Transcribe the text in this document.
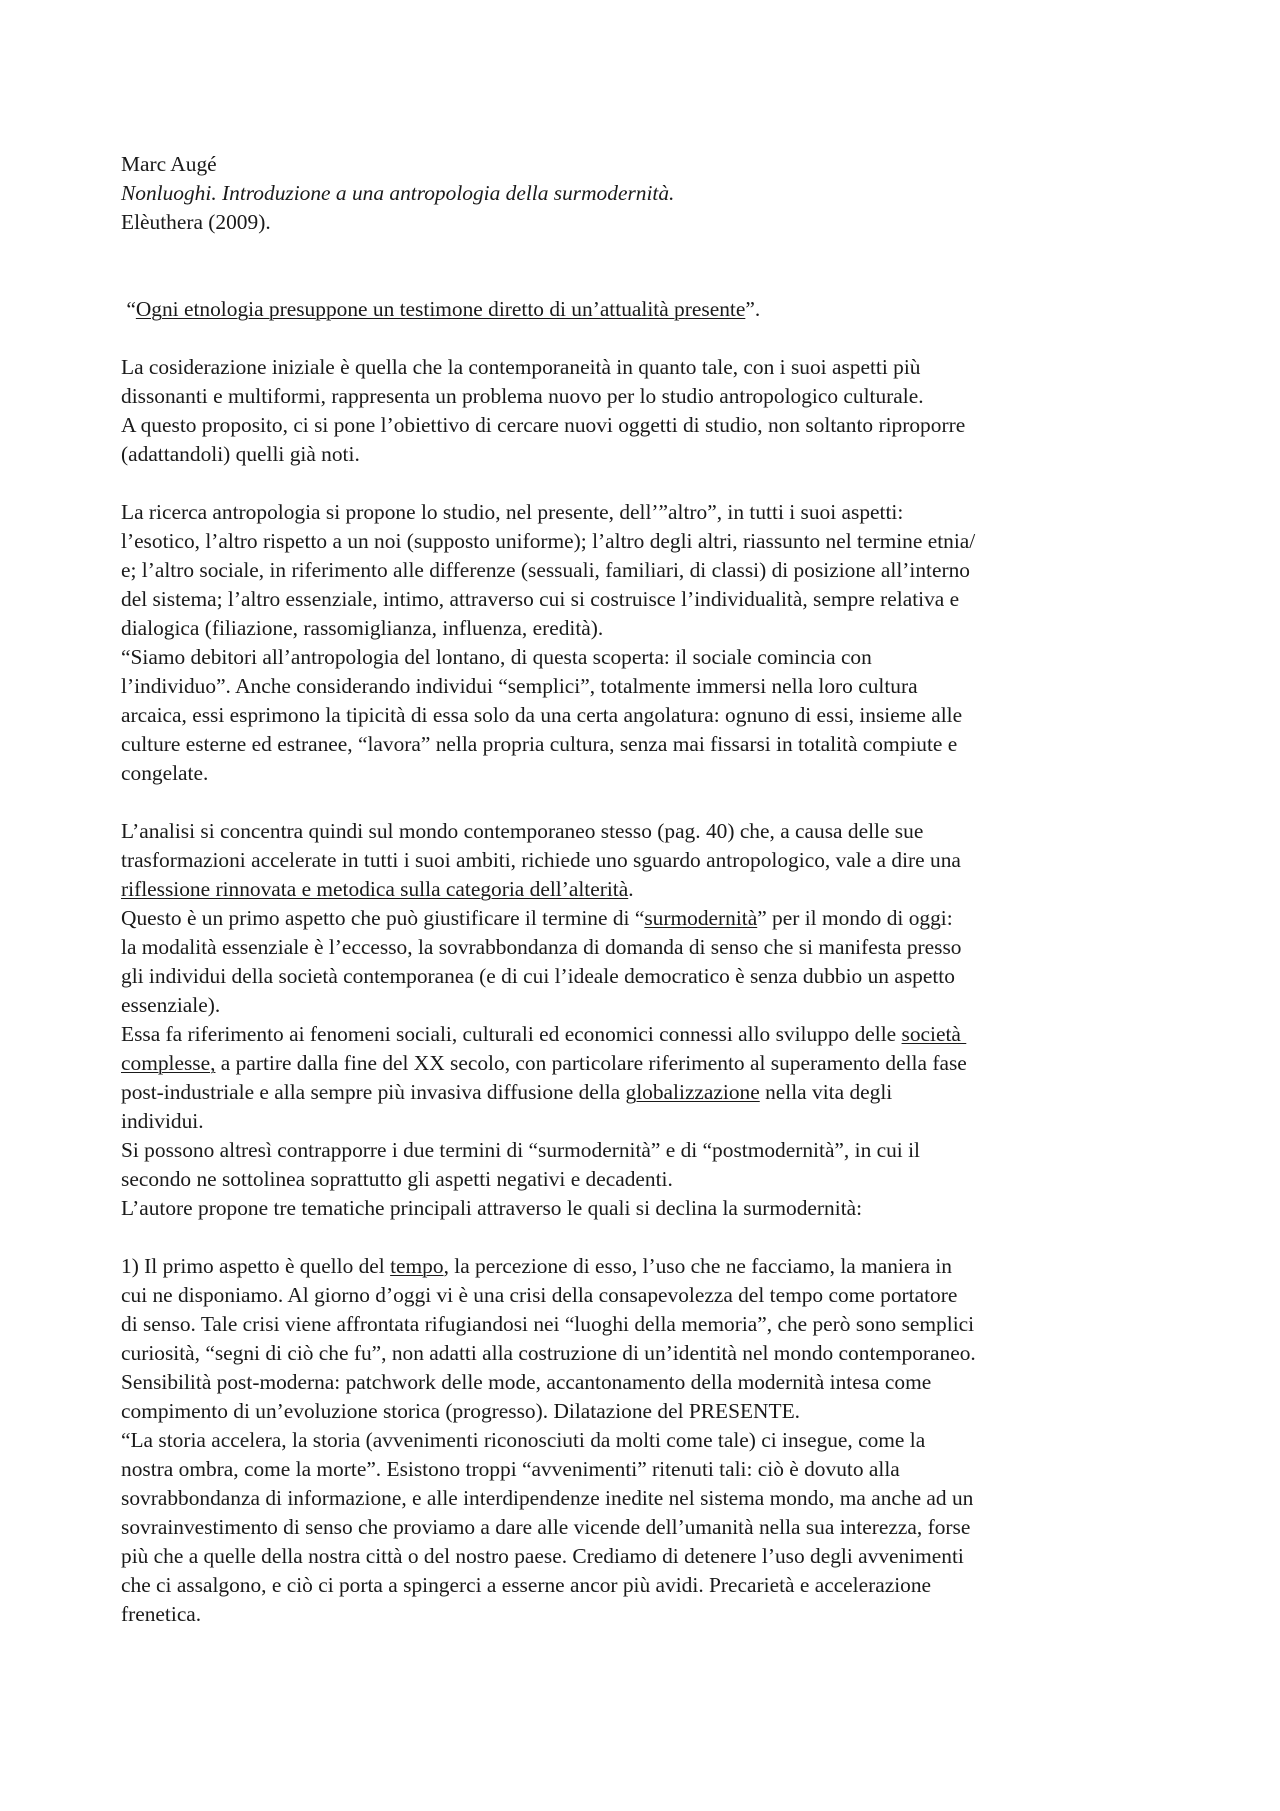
Marc Augé
Nonluoghi. Introduzione a una antropologia della surmodernità.
Elèuthera (2009).
“Ogni etnologia presuppone un testimone diretto di un’attualità presente”.
La cosiderazione iniziale è quella che la contemporaneità in quanto tale, con i suoi aspetti più
dissonanti e multiformi, rappresenta un problema nuovo per lo studio antropologico culturale.
A questo proposito, ci si pone l’obiettivo di cercare nuovi oggetti di studio, non soltanto riproporre
(adattandoli) quelli già noti.
La ricerca antropologia si propone lo studio, nel presente, dell’”altro”, in tutti i suoi aspetti:
l’esotico, l’altro rispetto a un noi (supposto uniforme); l’altro degli altri, riassunto nel termine etnia/
e; l’altro sociale, in riferimento alle differenze (sessuali, familiari, di classi) di posizione all’interno
del sistema; l’altro essenziale, intimo, attraverso cui si costruisce l’individualità, sempre relativa e
dialogica (filiazione, rassomiglianza, influenza, eredità).
“Siamo debitori all’antropologia del lontano, di questa scoperta: il sociale comincia con
l’individuo”. Anche considerando individui “semplici”, totalmente immersi nella loro cultura
arcaica, essi esprimono la tipicità di essa solo da una certa angolatura: ognuno di essi, insieme alle
culture esterne ed estranee, “lavora” nella propria cultura, senza mai fissarsi in totalità compiute e
congelate.
L’analisi si concentra quindi sul mondo contemporaneo stesso (pag. 40) che, a causa delle sue
trasformazioni accelerate in tutti i suoi ambiti, richiede uno sguardo antropologico, vale a dire una
riflessione rinnovata e metodica sulla categoria dell’alterità.
Questo è un primo aspetto che può giustificare il termine di “surmodernità” per il mondo di oggi:
la modalità essenziale è l’eccesso, la sovrabbondanza di domanda di senso che si manifesta presso
gli individui della società contemporanea (e di cui l’ideale democratico è senza dubbio un aspetto
essenziale).
Essa fa riferimento ai fenomeni sociali, culturali ed economici connessi allo sviluppo delle società
complesse, a partire dalla fine del XX secolo, con particolare riferimento al superamento della fase
post-industriale e alla sempre più invasiva diffusione della globalizzazione nella vita degli
individui.
Si possono altresì contrapporre i due termini di “surmodernità” e di “postmodernità”, in cui il
secondo ne sottolinea soprattutto gli aspetti negativi e decadenti.
L’autore propone tre tematiche principali attraverso le quali si declina la surmodernità:
1) Il primo aspetto è quello del tempo, la percezione di esso, l’uso che ne facciamo, la maniera in
cui ne disponiamo. Al giorno d’oggi vi è una crisi della consapevolezza del tempo come portatore
di senso. Tale crisi viene affrontata rifugiandosi nei “luoghi della memoria”, che però sono semplici
curiosità, “segni di ciò che fu”, non adatti alla costruzione di un’identità nel mondo contemporaneo.
Sensibilità post-moderna: patchwork delle mode, accantonamento della modernità intesa come
compimento di un’evoluzione storica (progresso). Dilatazione del PRESENTE.
“La storia accelera, la storia (avvenimenti riconosciuti da molti come tale) ci insegue, come la
nostra ombra, come la morte”. Esistono troppi “avvenimenti” ritenuti tali: ciò è dovuto alla
sovrabbondanza di informazione, e alle interdipendenze inedite nel sistema mondo, ma anche ad un
sovrainvestimento di senso che proviamo a dare alle vicende dell’umanità nella sua interezza, forse
più che a quelle della nostra città o del nostro paese. Crediamo di detenere l’uso degli avvenimenti
che ci assalgono, e ciò ci porta a spingerci a esserne ancor più avidi. Precarietà e accelerazione
frenetica.
